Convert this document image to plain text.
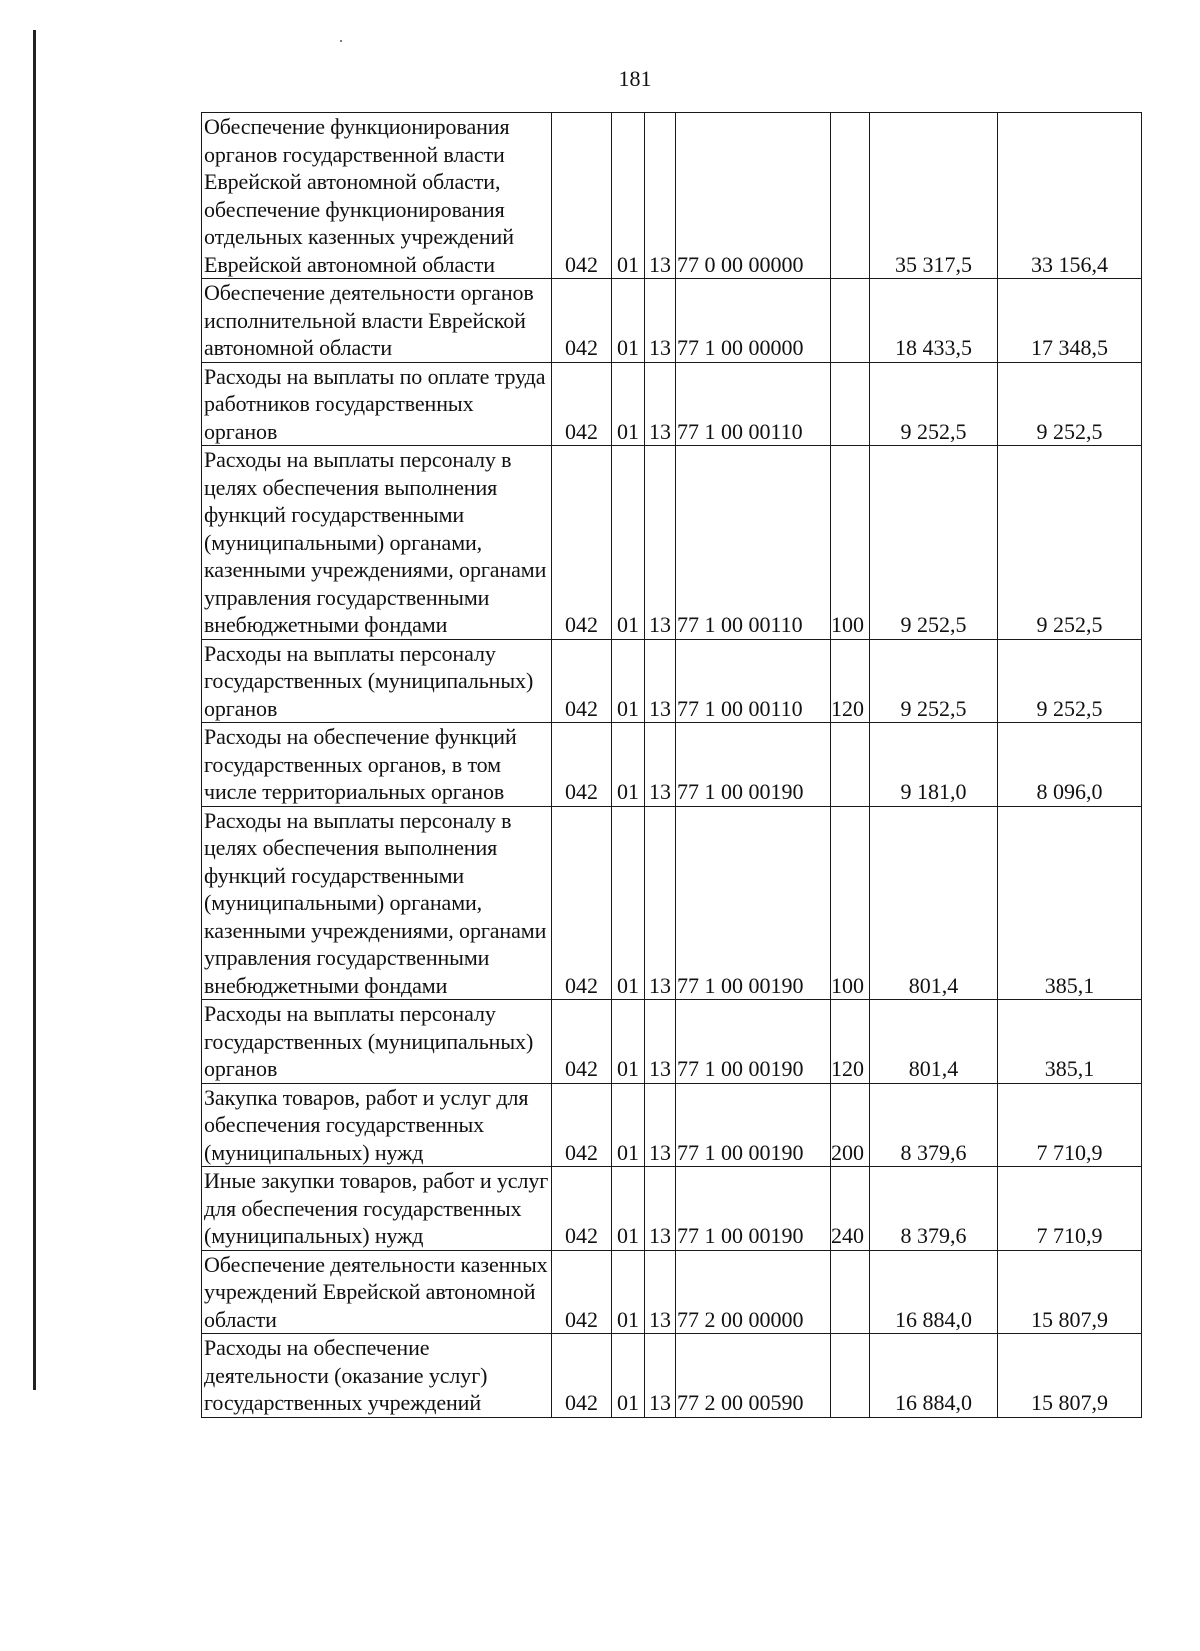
181
Обеспечение функционирования органов государственной власти Еврейской автономной области, обеспечение функционирования отдельных казенных учреждений Еврейской автономной области	042	01	13	77 0 00 00000		35 317,5	33 156,4
Обеспечение деятельности органов исполнительной власти Еврейской автономной области	042	01	13	77 1 00 00000		18 433,5	17 348,5
Расходы на выплаты по оплате труда работников государственных органов	042	01	13	77 1 00 00110		9 252,5	9 252,5
Расходы на выплаты персоналу в целях обеспечения выполнения функций государственными (муниципальными) органами, казенными учреждениями, органами управления государственными внебюджетными фондами	042	01	13	77 1 00 00110	100	9 252,5	9 252,5
Расходы на выплаты персоналу государственных (муниципальных) органов	042	01	13	77 1 00 00110	120	9 252,5	9 252,5
Расходы на обеспечение функций государственных органов, в том числе территориальных органов	042	01	13	77 1 00 00190		9 181,0	8 096,0
Расходы на выплаты персоналу в целях обеспечения выполнения функций государственными (муниципальными) органами, казенными учреждениями, органами управления государственными внебюджетными фондами	042	01	13	77 1 00 00190	100	801,4	385,1
Расходы на выплаты персоналу государственных (муниципальных) органов	042	01	13	77 1 00 00190	120	801,4	385,1
Закупка товаров, работ и услуг для обеспечения государственных (муниципальных) нужд	042	01	13	77 1 00 00190	200	8 379,6	7 710,9
Иные закупки товаров, работ и услуг для обеспечения государственных (муниципальных) нужд	042	01	13	77 1 00 00190	240	8 379,6	7 710,9
Обеспечение деятельности казенных учреждений Еврейской автономной области	042	01	13	77 2 00 00000		16 884,0	15 807,9
Расходы на обеспечение деятельности (оказание услуг) государственных учреждений	042	01	13	77 2 00 00590		16 884,0	15 807,9
